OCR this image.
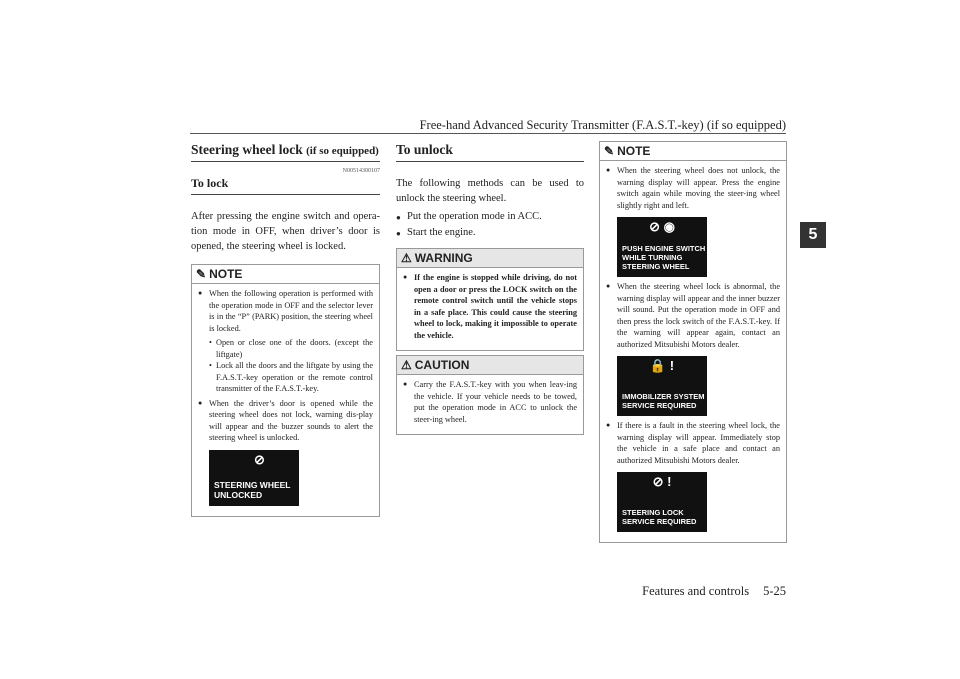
Free-hand Advanced Security Transmitter (F.A.S.T.-key) (if so equipped)
5
Steering wheel lock (if so equipped)
N00514300107
To lock
After pressing the engine switch and opera-tion mode in OFF, when driver’s door is opened, the steering wheel is locked.
✎ NOTE
● When the following operation is performed with the operation mode in OFF and the selector lever is in the “P” (PARK) position, the steering wheel is locked.
• Open or close one of the doors. (except the liftgate)
• Lock all the doors and the liftgate by using the F.A.S.T.-key operation or the remote control transmitter of the F.A.S.T.-key.
● When the driver’s door is opened while the steering wheel does not lock, warning dis-play will appear and the buzzer sounds to alert the steering wheel is unlocked.
⊘
STEERING WHEEL
UNLOCKED
To unlock
The following methods can be used to unlock the steering wheel.
● Put the operation mode in ACC.
● Start the engine.
⚠ WARNING
● If the engine is stopped while driving, do not open a door or press the LOCK switch on the remote control switch until the vehicle stops in a safe place. This could cause the steering wheel to lock, making it impossible to operate the vehicle.
⚠ CAUTION
● Carry the F.A.S.T.-key with you when leav-ing the vehicle. If your vehicle needs to be towed, put the operation mode in ACC to unlock the steer-ing wheel.
✎ NOTE
● When the steering wheel does not unlock, the warning display will appear. Press the engine switch again while moving the steer-ing wheel slightly right and left.
⊘ ◉
PUSH ENGINE SWITCH
WHILE TURNING
STEERING WHEEL
● When the steering wheel lock is abnormal, the warning display will appear and the inner buzzer will sound. Put the operation mode in OFF and then press the lock switch of the F.A.S.T.-key. If the warning will appear again, contact an authorized Mitsubishi Motors dealer.
🔒 !
IMMOBILIZER SYSTEM
SERVICE REQUIRED
● If there is a fault in the steering wheel lock, the warning display will appear. Immediately stop the vehicle in a safe place and contact an authorized Mitsubishi Motors dealer.
⊘ !
STEERING LOCK
SERVICE REQUIRED
Features and controls 5-25
